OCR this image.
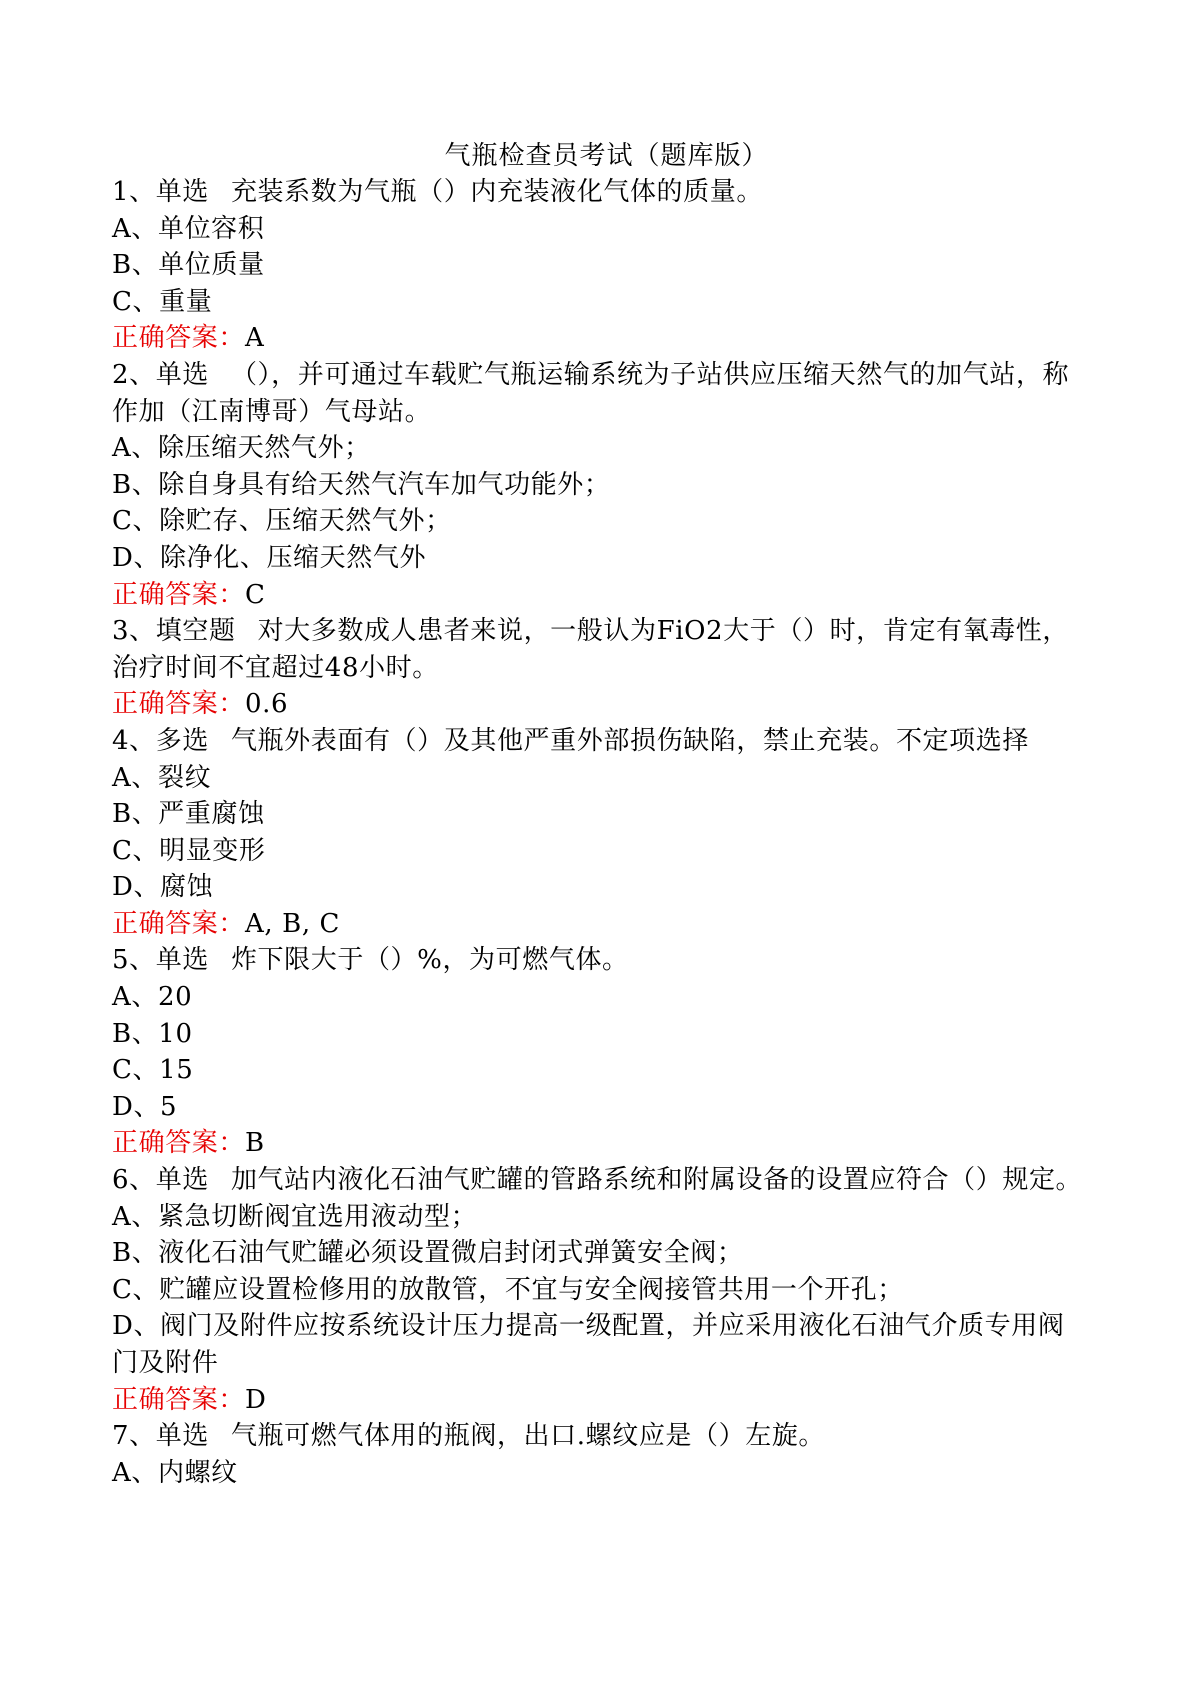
气瓶检查员考试（题库版）
1、单选 充装系数为气瓶（）内充装液化气体的质量。
A、单位容积
B、单位质量
C、重量
正确答案：A
2、单选 （），并可通过车载贮气瓶运输系统为子站供应压缩天然气的加气站，称作加（江南博哥）气母站。
A、除压缩天然气外；
B、除自身具有给天然气汽车加气功能外；
C、除贮存、压缩天然气外；
D、除净化、压缩天然气外
正确答案：C
3、填空题 对大多数成人患者来说，一般认为FiO2大于（）时，肯定有氧毒性，治疗时间不宜超过48小时。
正确答案：0.6
4、多选 气瓶外表面有（）及其他严重外部损伤缺陷，禁止充装。不定项选择
A、裂纹
B、严重腐蚀
C、明显变形
D、腐蚀
正确答案：A, B, C
5、单选 炸下限大于（）%，为可燃气体。
A、20
B、10
C、15
D、5
正确答案：B
6、单选 加气站内液化石油气贮罐的管路系统和附属设备的设置应符合（）规定。
A、紧急切断阀宜选用液动型；
B、液化石油气贮罐必须设置微启封闭式弹簧安全阀；
C、贮罐应设置检修用的放散管，不宜与安全阀接管共用一个开孔；
D、阀门及附件应按系统设计压力提高一级配置，并应采用液化石油气介质专用阀门及附件
正确答案：D
7、单选 气瓶可燃气体用的瓶阀，出口.螺纹应是（）左旋。
A、内螺纹
